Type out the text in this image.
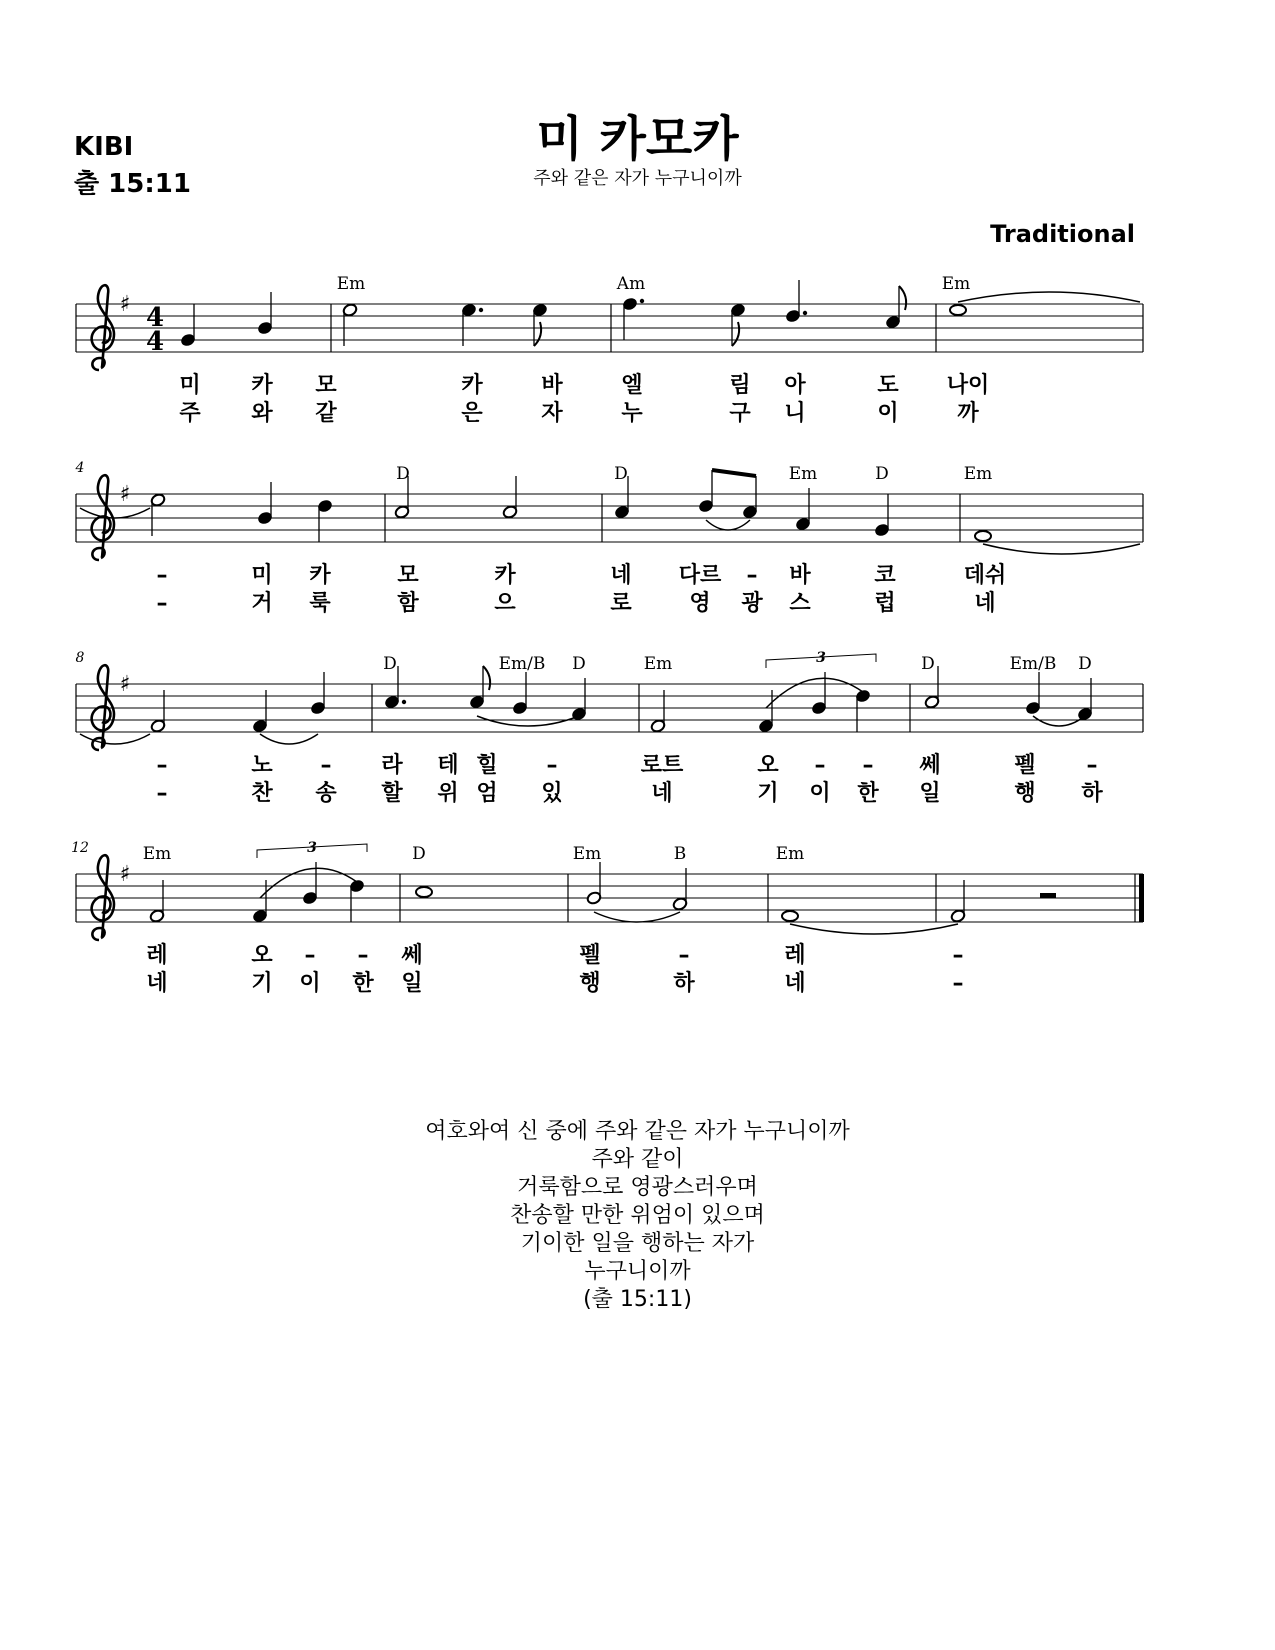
미 카모카
주와 같은 자가 누구니이까
KIBI
출 15:11
Traditional
♯ 4
4
Em	Am	Em
미 카 모	카	바	엘	림 아	도 나이
주 와 같	은	자	누	구 니	이	까
♯
4	D	D	Em	D	Em
–	미 카	모	카	네 다르 – 바	코	데쉬
–	거 룩	함	으	로	영 광 스	럽	네
♯
8	D	Em/B D	Em	D	Em/B D
3
–	노 – 라 테 힐 –	로트	오 – – 쎄	펠 –
–	찬 송 할 위 엄 있	네	기 이 한 일	행 하
♯
12	Em	D	Em	B	Em
3
레	오 – – 쎄	펠	–	레	–
네	기 이 한 일	행	하	네	–
여호와여 신 중에 주와 같은 자가 누구니이까
주와 같이
거룩함으로 영광스러우며
찬송할 만한 위엄이 있으며
기이한 일을 행하는 자가
누구니이까
(출 15:11)
